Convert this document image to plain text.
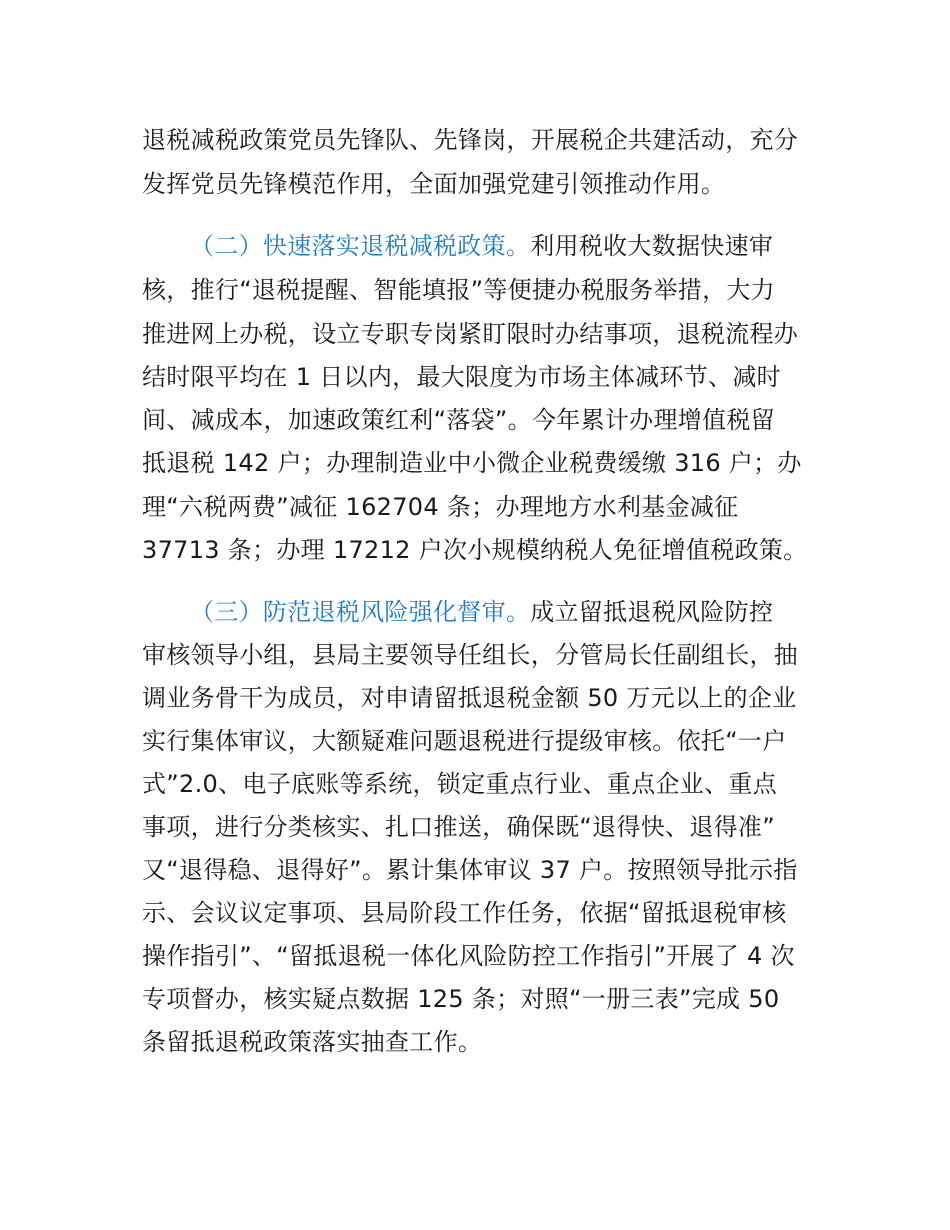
退税减税政策党员先锋队、先锋岗，开展税企共建活动，充分
发挥党员先锋模范作用，全面加强党建引领推动作用。
（二）快速落实退税减税政策。利用税收大数据快速审
核，推行“退税提醒、智能填报”等便捷办税服务举措，大力
推进网上办税，设立专职专岗紧盯限时办结事项，退税流程办
结时限平均在 1 日以内，最大限度为市场主体减环节、减时
间、减成本，加速政策红利“落袋”。今年累计办理增值税留
抵退税 142 户；办理制造业中小微企业税费缓缴 316 户；办
理“六税两费”减征 162704 条；办理地方水利基金减征
37713 条；办理 17212 户次小规模纳税人免征增值税政策。
（三）防范退税风险强化督审。成立留抵退税风险防控
审核领导小组，县局主要领导任组长，分管局长任副组长，抽
调业务骨干为成员，对申请留抵退税金额 50 万元以上的企业
实行集体审议，大额疑难问题退税进行提级审核。依托“一户
式”2.0、电子底账等系统，锁定重点行业、重点企业、重点
事项，进行分类核实、扎口推送，确保既“退得快、退得准”
又“退得稳、退得好”。累计集体审议 37 户。按照领导批示指
示、会议议定事项、县局阶段工作任务，依据“留抵退税审核
操作指引”、“留抵退税一体化风险防控工作指引”开展了 4 次
专项督办，核实疑点数据 125 条；对照“一册三表”完成 50
条留抵退税政策落实抽查工作。
